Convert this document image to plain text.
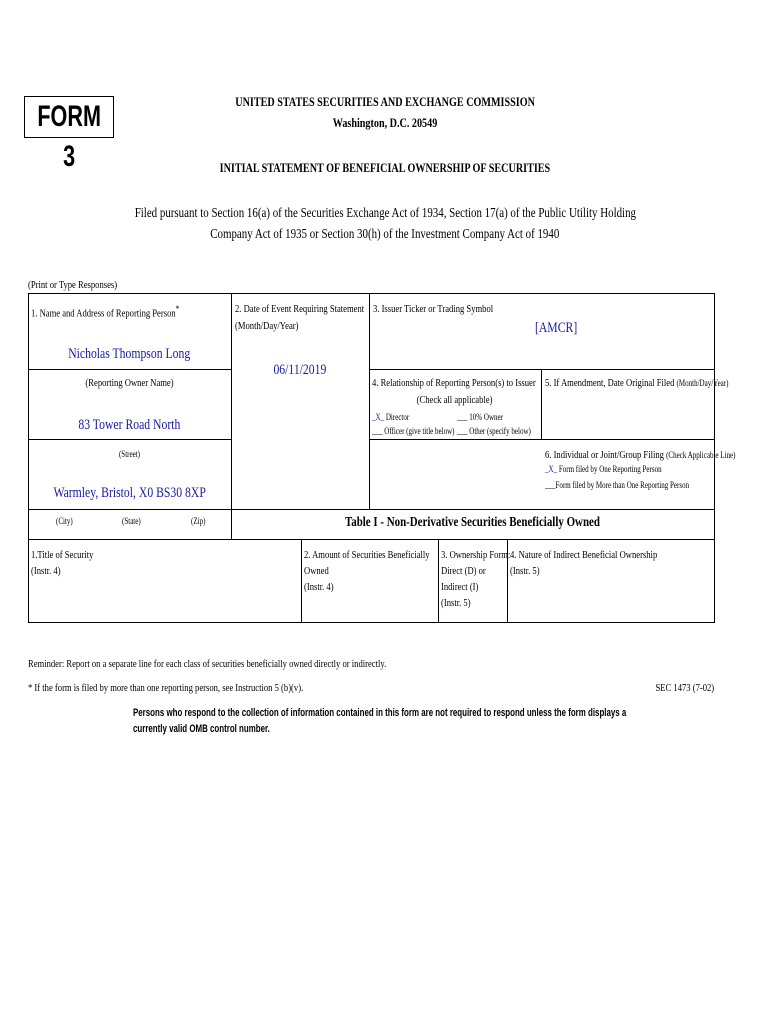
FORM 3
UNITED STATES SECURITIES AND EXCHANGE COMMISSION
Washington, D.C. 20549
INITIAL STATEMENT OF BENEFICIAL OWNERSHIP OF SECURITIES
Filed pursuant to Section 16(a) of the Securities Exchange Act of 1934, Section 17(a) of the Public Utility Holding
Company Act of 1935 or Section 30(h) of the Investment Company Act of 1940
(Print or Type Responses)
1. Name and Address of Reporting Person*
Nicholas Thompson Long
(Reporting Owner Name)
83 Tower Road North
(Street)
Warmley, Bristol, X0 BS30 8XP
(City)	(State)	(Zip)
2. Date of Event Requiring Statement
(Month/Day/Year)
06/11/2019
3. Issuer Ticker or Trading Symbol
[AMCR]
4. Relationship of Reporting Person(s) to Issuer
(Check all applicable)
_X_ Director	___ 10% Owner
___ Officer (give title below) ___ Other (specify below)
5. If Amendment, Date Original Filed (Month/Day/Year)
6. Individual or Joint/Group Filing (Check Applicable Line)
_X_ Form filed by One Reporting Person
___Form filed by More than One Reporting Person
Table I - Non-Derivative Securities Beneficially Owned
1.Title of Security
(Instr. 4)
2. Amount of Securities Beneficially
Owned
(Instr. 4)
3. Ownership Form:
Direct (D) or
Indirect (I)
(Instr. 5)
4. Nature of Indirect Beneficial Ownership
(Instr. 5)
Reminder: Report on a separate line for each class of securities beneficially owned directly or indirectly.
* If the form is filed by more than one reporting person, see Instruction 5 (b)(v).	SEC 1473 (7-02)
Persons who respond to the collection of information contained in this form are not required to respond unless the form displays a
currently valid OMB control number.
